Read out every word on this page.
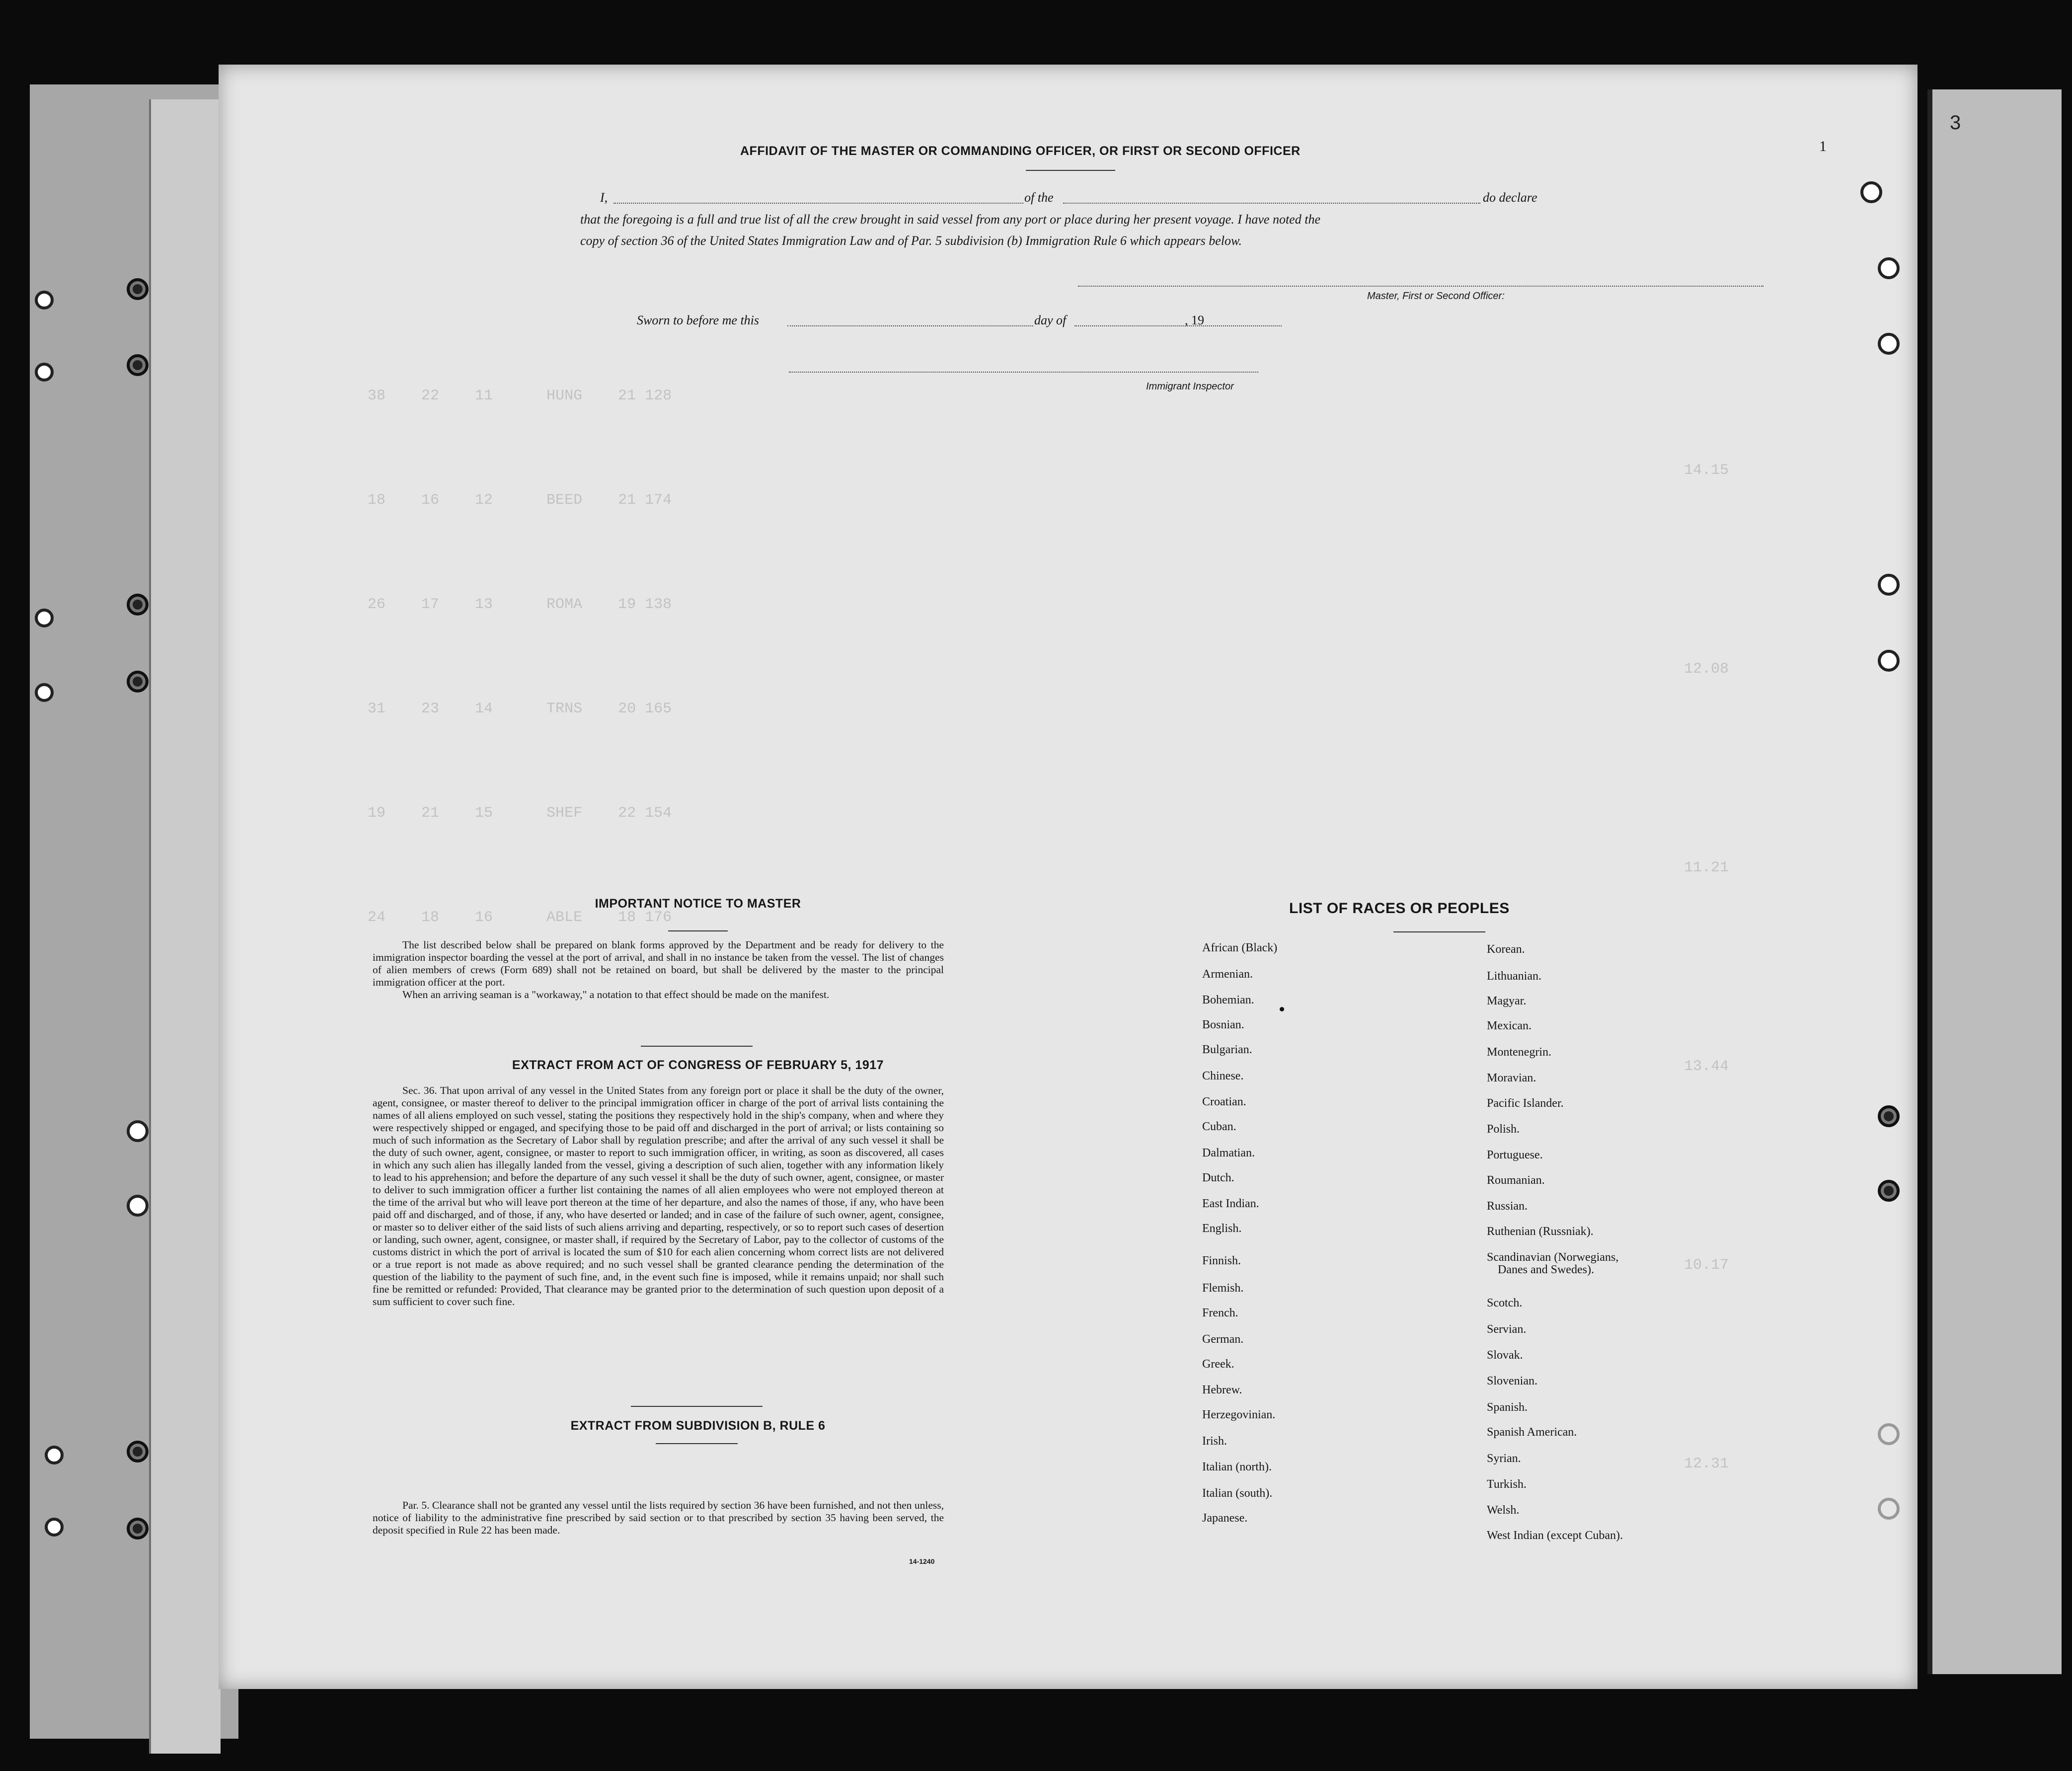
3
38    22    11      HUNG    21 128
18    16    12      BEED    21 174
26    17    13      ROMA    19 138
31    23    14      TRNS    20 165
19    21    15      SHEF    22 154
24    18    16      ABLE    18 176
14.15
12.08
11.21
13.44
10.17
12.31
1
AFFIDAVIT OF THE MASTER OR COMMANDING OFFICER, OR FIRST OR SECOND OFFICER
I,	of the	do declare
that the foregoing is a full and true list of all the crew brought in said vessel from any port or place during her present voyage. I have noted the
copy of section 36 of the United States Immigration Law and of Par. 5 subdivision (b) Immigration Rule 6 which appears below.
Master, First or Second Officer:
Sworn to before me this	day of	, 19
Immigrant Inspector
IMPORTANT NOTICE TO MASTER

The list described below shall be prepared on blank forms approved by the Department and be ready for delivery to the immigration inspector boarding the vessel at the port of arrival, and shall in no instance be taken from the vessel. The list of changes of alien members of crews (Form 689) shall not be retained on board, but shall be delivered by the master to the principal immigration officer at the port.

When an arriving seaman is a "workaway," a notation to that effect should be made on the manifest.

EXTRACT FROM ACT OF CONGRESS OF FEBRUARY 5, 1917

Sec. 36. That upon arrival of any vessel in the United States from any foreign port or place it shall be the duty of the owner, agent, consignee, or master thereof to deliver to the principal immigration officer in charge of the port of arrival lists containing the names of all aliens employed on such vessel, stating the positions they respectively hold in the ship's company, when and where they were respectively shipped or engaged, and specifying those to be paid off and discharged in the port of arrival; or lists containing so much of such information as the Secretary of Labor shall by regulation prescribe; and after the arrival of any such vessel it shall be the duty of such owner, agent, consignee, or master to report to such immigration officer, in writing, as soon as discovered, all cases in which any such alien has illegally landed from the vessel, giving a description of such alien, together with any information likely to lead to his apprehension; and before the departure of any such vessel it shall be the duty of such owner, agent, consignee, or master to deliver to such immigration officer a further list containing the names of all alien employees who were not employed thereon at the time of the arrival but who will leave port thereon at the time of her departure, and also the names of those, if any, who have been paid off and discharged, and of those, if any, who have deserted or landed; and in case of the failure of such owner, agent, consignee, or master so to deliver either of the said lists of such aliens arriving and departing, respectively, or so to report such cases of desertion or landing, such owner, agent, consignee, or master shall, if required by the Secretary of Labor, pay to the collector of customs of the customs district in which the port of arrival is located the sum of $10 for each alien concerning whom correct lists are not delivered or a true report is not made as above required; and no such vessel shall be granted clearance pending the determination of the question of the liability to the payment of such fine, and, in the event such fine is imposed, while it remains unpaid; nor shall such fine be remitted or refunded: Provided, That clearance may be granted prior to the determination of such question upon deposit of a sum sufficient to cover such fine.

EXTRACT FROM SUBDIVISION B, RULE 6

Par. 5. Clearance shall not be granted any vessel until the lists required by section 36 have been furnished, and not then unless, notice of liability to the administrative fine prescribed by said section or to that prescribed by section 35 having been served, the deposit specified in Rule 22 has been made.

14-1240
LIST OF RACES OR PEOPLES
African (Black)
Armenian.
Bohemian.
Bosnian.
Bulgarian.
Chinese.
Croatian.
Cuban.
Dalmatian.
Dutch.
East Indian.
English.
Finnish.
Flemish.
French.
German.
Greek.
Hebrew.
Herzegovinian.
Irish.
Italian (north).
Italian (south).
Japanese.
Korean.
Lithuanian.
Magyar.
Mexican.
Montenegrin.
Moravian.
Pacific Islander.
Polish.
Portuguese.
Roumanian.
Russian.
Ruthenian (Russniak).
Scandinavian (Norwegians,
Danes and Swedes).
Scotch.
Servian.
Slovak.
Slovenian.
Spanish.
Spanish American.
Syrian.
Turkish.
Welsh.
West Indian (except Cuban).
